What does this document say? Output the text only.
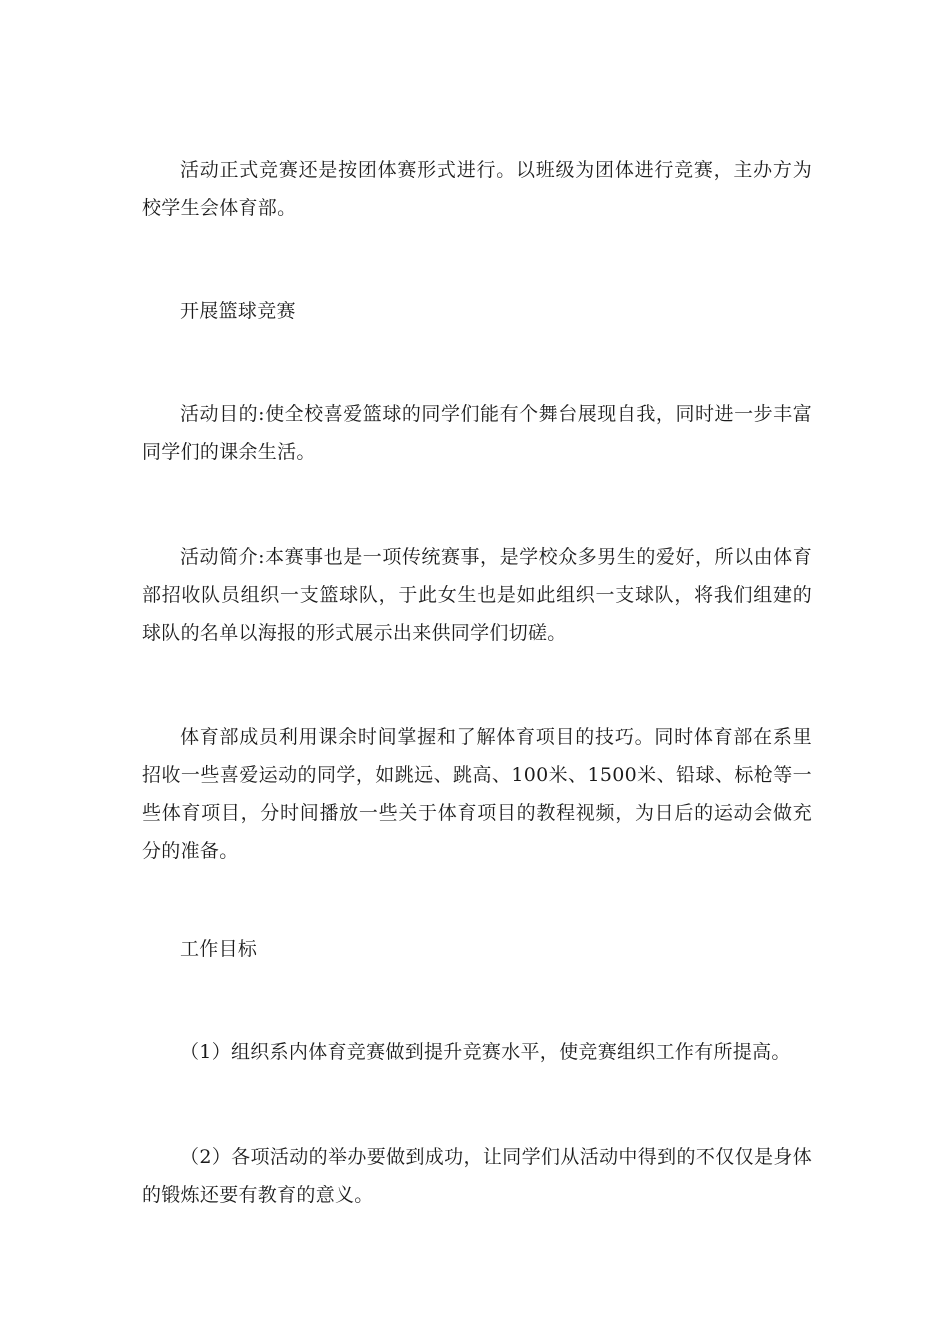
活动正式竞赛还是按团体赛形式进行。以班级为团体进行竞赛，主办方为校学生会体育部。

开展篮球竞赛

活动目的:使全校喜爱篮球的同学们能有个舞台展现自我，同时进一步丰富同学们的课余生活。

活动简介:本赛事也是一项传统赛事，是学校众多男生的爱好，所以由体育部招收队员组织一支篮球队，于此女生也是如此组织一支球队，将我们组建的球队的名单以海报的形式展示出来供同学们切磋。

体育部成员利用课余时间掌握和了解体育项目的技巧。同时体育部在系里招收一些喜爱运动的同学，如跳远、跳高、100米、1500米、铅球、标枪等一些体育项目，分时间播放一些关于体育项目的教程视频，为日后的运动会做充分的准备。

工作目标

（1）组织系内体育竞赛做到提升竞赛水平，使竞赛组织工作有所提高。

（2）各项活动的举办要做到成功，让同学们从活动中得到的不仅仅是身体的锻炼还要有教育的意义。
